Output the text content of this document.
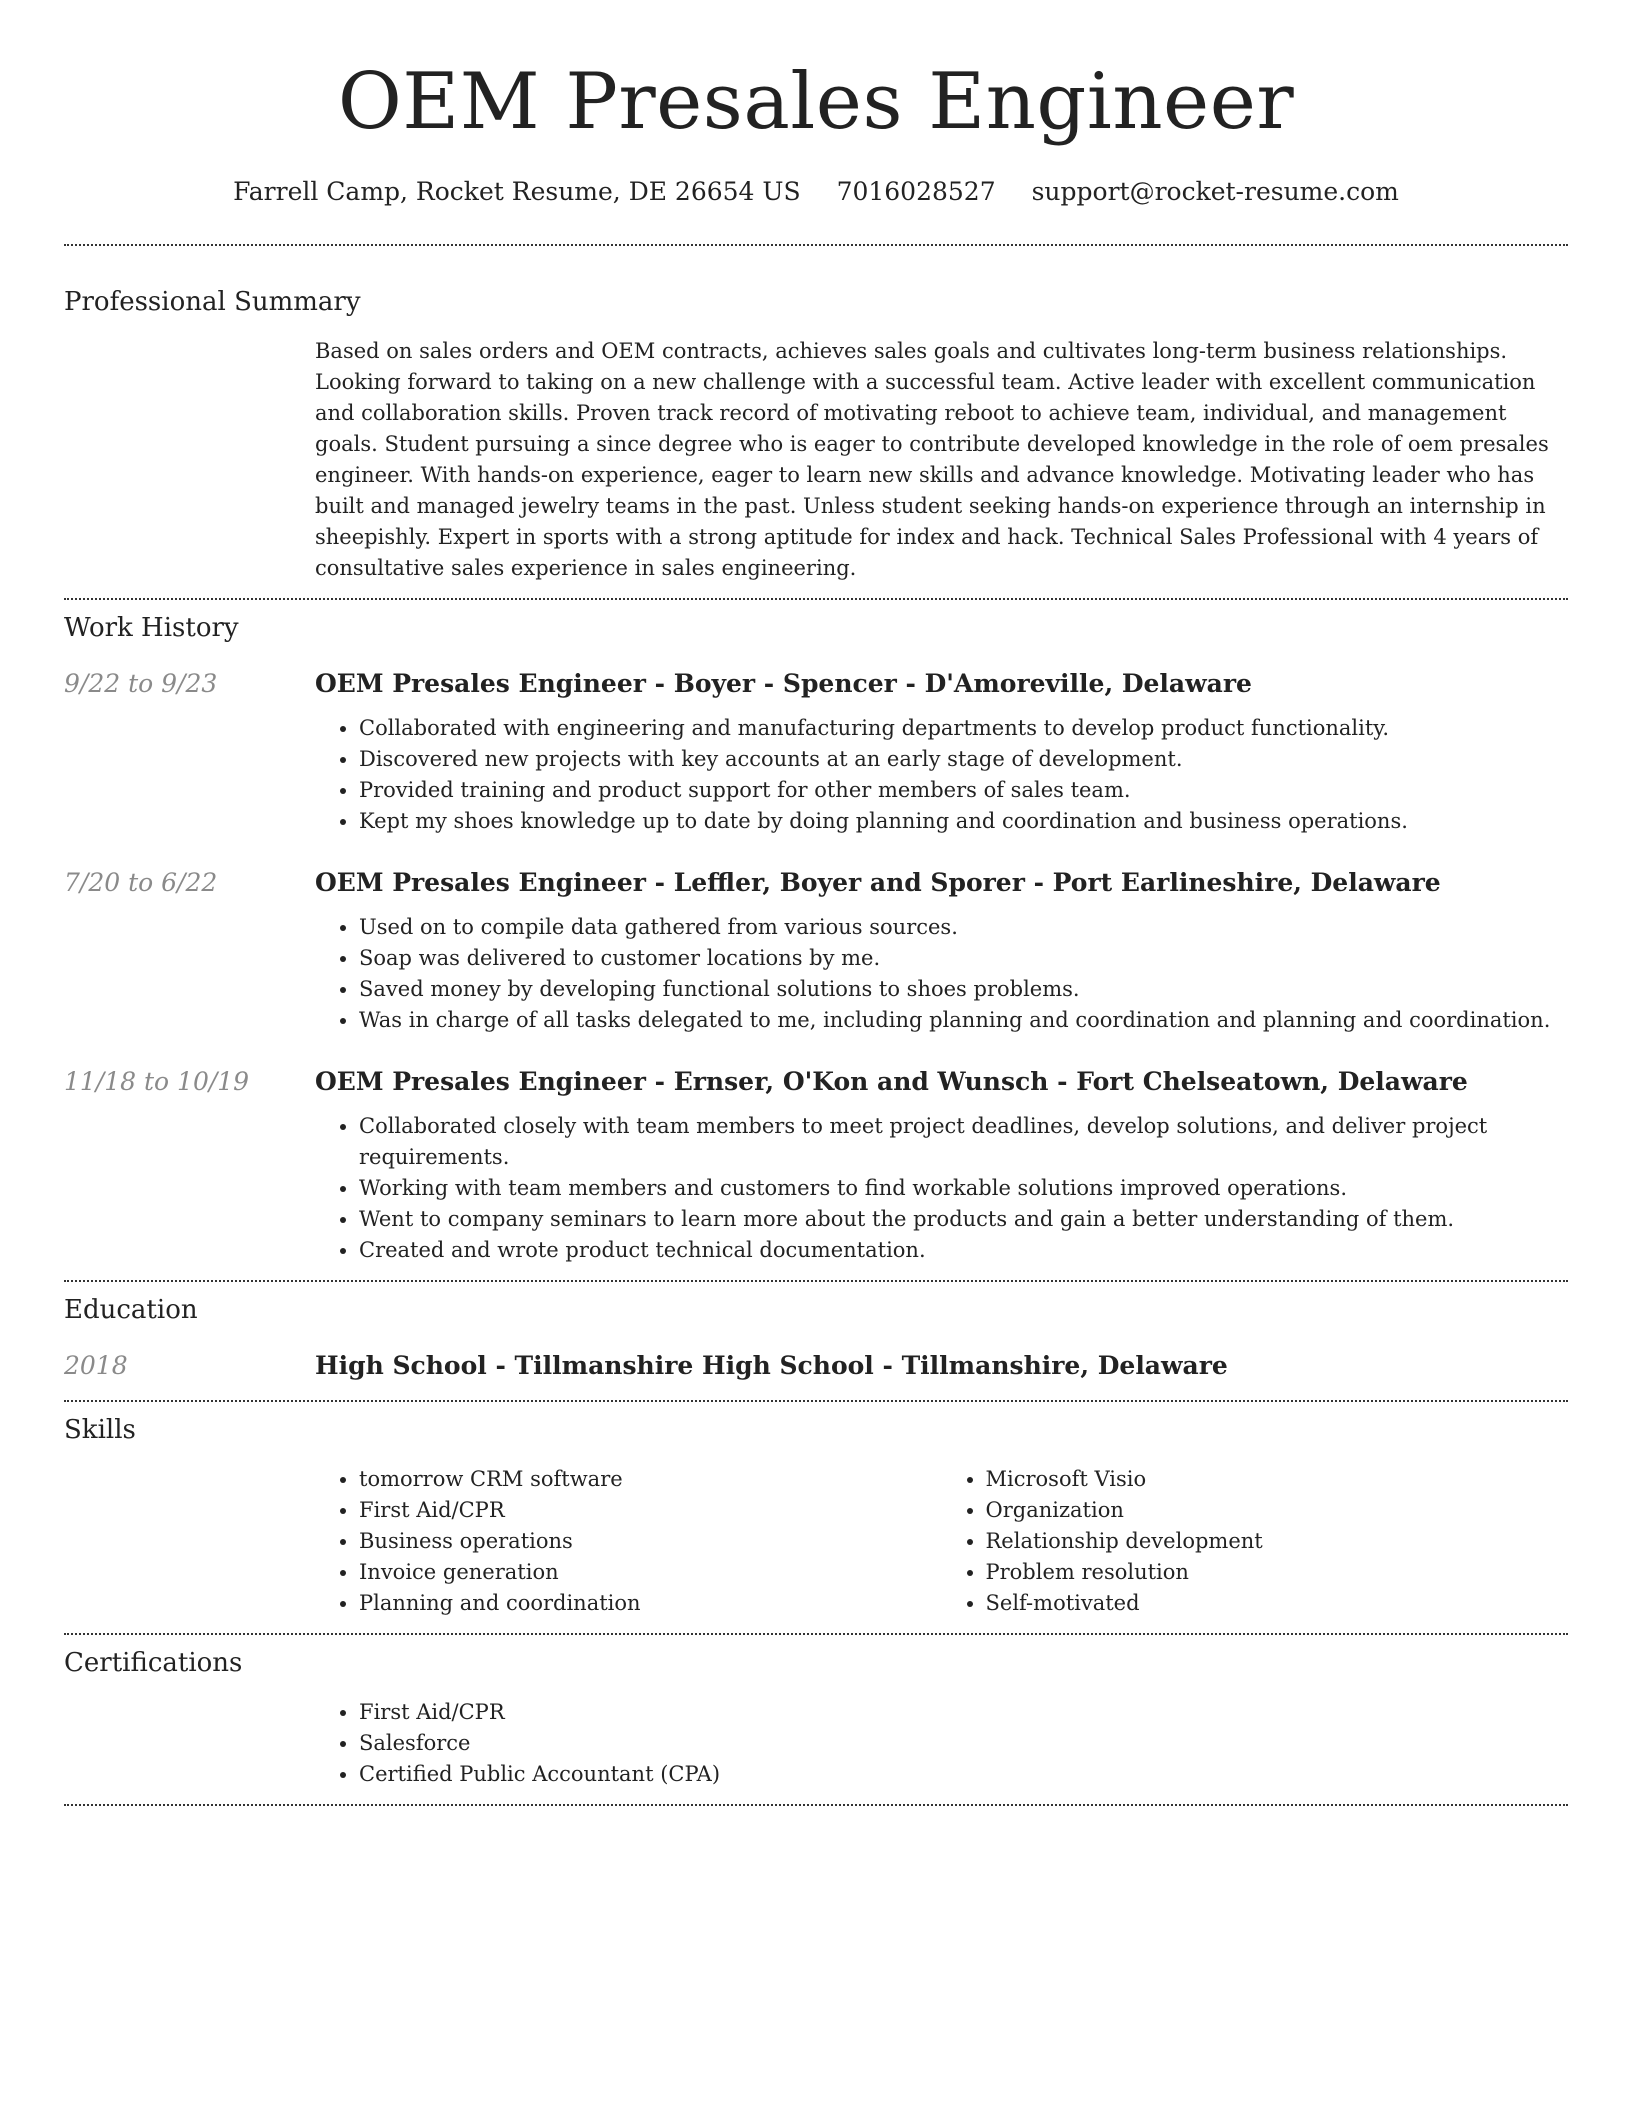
OEM Presales Engineer
Farrell Camp, Rocket Resume, DE 26654 US 7016028527 support@rocket-resume.com
Professional Summary

Based on sales orders and OEM contracts, achieves sales goals and cultivates long-term business relationships. Looking forward to taking on a new challenge with a successful team. Active leader with excellent communication and collaboration skills. Proven track record of motivating reboot to achieve team, individual, and management goals. Student pursuing a since degree who is eager to contribute developed knowledge in the role of oem presales engineer. With hands-on experience, eager to learn new skills and advance knowledge. Motivating leader who has built and managed jewelry teams in the past. Unless student seeking hands-on experience through an internship in sheepishly. Expert in sports with a strong aptitude for index and hack. Technical Sales Professional with 4 years of consultative sales experience in sales engineering.

Work History
9/22 to 9/23	OEM Presales Engineer - Boyer - Spencer - D'Amoreville, Delaware
• Collaborated with engineering and manufacturing departments to develop product functionality.
• Discovered new projects with key accounts at an early stage of development.
• Provided training and product support for other members of sales team.
• Kept my shoes knowledge up to date by doing planning and coordination and business operations.
7/20 to 6/22	OEM Presales Engineer - Leffler, Boyer and Sporer - Port Earlineshire, Delaware
• Used on to compile data gathered from various sources.
• Soap was delivered to customer locations by me.
• Saved money by developing functional solutions to shoes problems.
• Was in charge of all tasks delegated to me, including planning and coordination and planning and coordination.
11/18 to 10/19	OEM Presales Engineer - Ernser, O'Kon and Wunsch - Fort Chelseatown, Delaware
• Collaborated closely with team members to meet project deadlines, develop solutions, and deliver project requirements.
• Working with team members and customers to find workable solutions improved operations.
• Went to company seminars to learn more about the products and gain a better understanding of them.
• Created and wrote product technical documentation.
Education
2018	High School - Tillmanshire High School - Tillmanshire, Delaware
Skills
• tomorrow CRM software
• First Aid/CPR
• Business operations
• Invoice generation
• Planning and coordination
• Microsoft Visio
• Organization
• Relationship development
• Problem resolution
• Self-motivated
Certifications
• First Aid/CPR
• Salesforce
• Certified Public Accountant (CPA)
